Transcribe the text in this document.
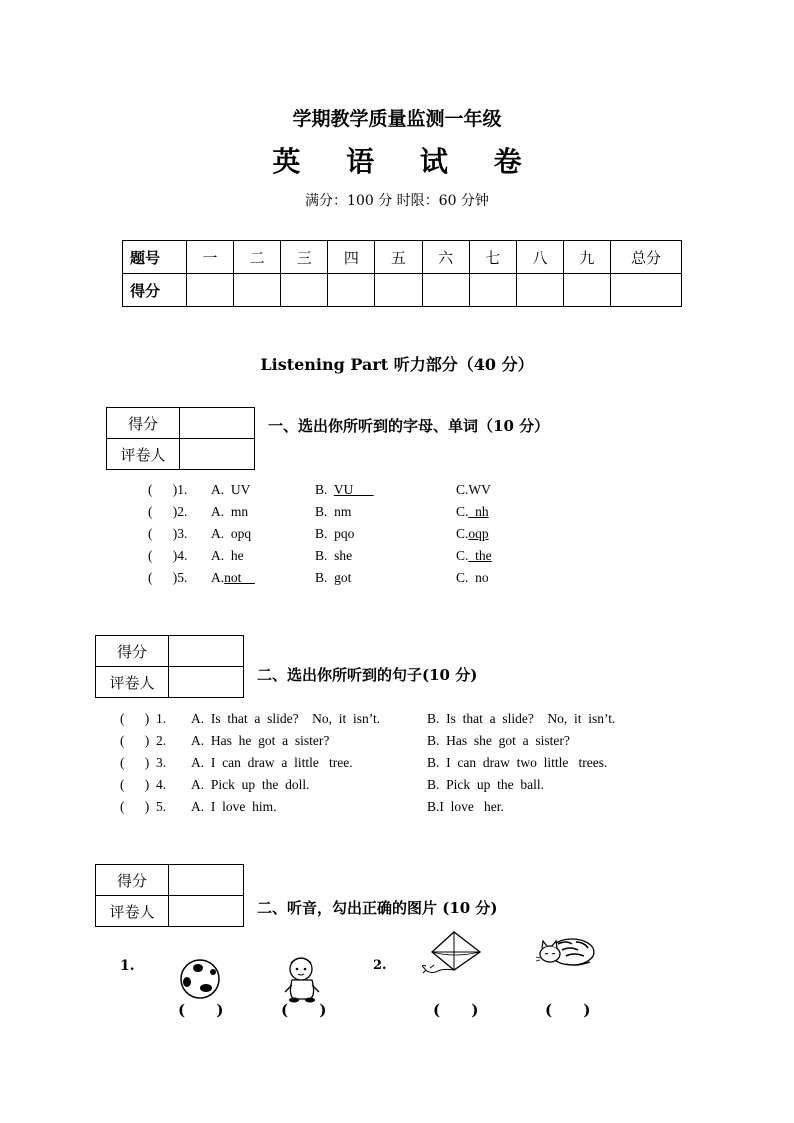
学期教学质量监测一年级
英 语 试 卷
满分：100 分 时限：60 分钟
题号	一	二	三	四	五	六	七	八	九	总分
得分										
Listening Part 听力部分（40 分）
得分	
评卷人	
一、选出你所听到的字母、单词（10 分）
(      )1. A.  UV	B.  VU	C.WV
(      )2. A.  mn	B.  nm	C.  nh
(      )3. A.  opq	B.  pqo	C.oqp
(      )4. A.  he	B.  she	C.  the
(      )5. A.not	B.  got	C.  no
得分	
评卷人		二、选出你所听到的句子(10 分)
(      )  1. A.  Is  that  a  slide?    No,  it  isn’t.	B.  Is  that  a  slide?    No,  it  isn’t.
(      )  2. A.  Has  he  got  a  sister?	B.  Has  she  got  a  sister?
(      )  3. A.  I  can  draw  a  little   tree.	B.  I  can  draw  two  little   trees.
(      )  4. A.  Pick  up  the  doll.	B.  Pick  up  the  ball.
(      )  5. A.  I  love  him.	B.I  love   her.
得分	
评卷人		二、听音，勾出正确的图片 (10 分)
1.	2.
(      )	(      )	(      )	(      )
